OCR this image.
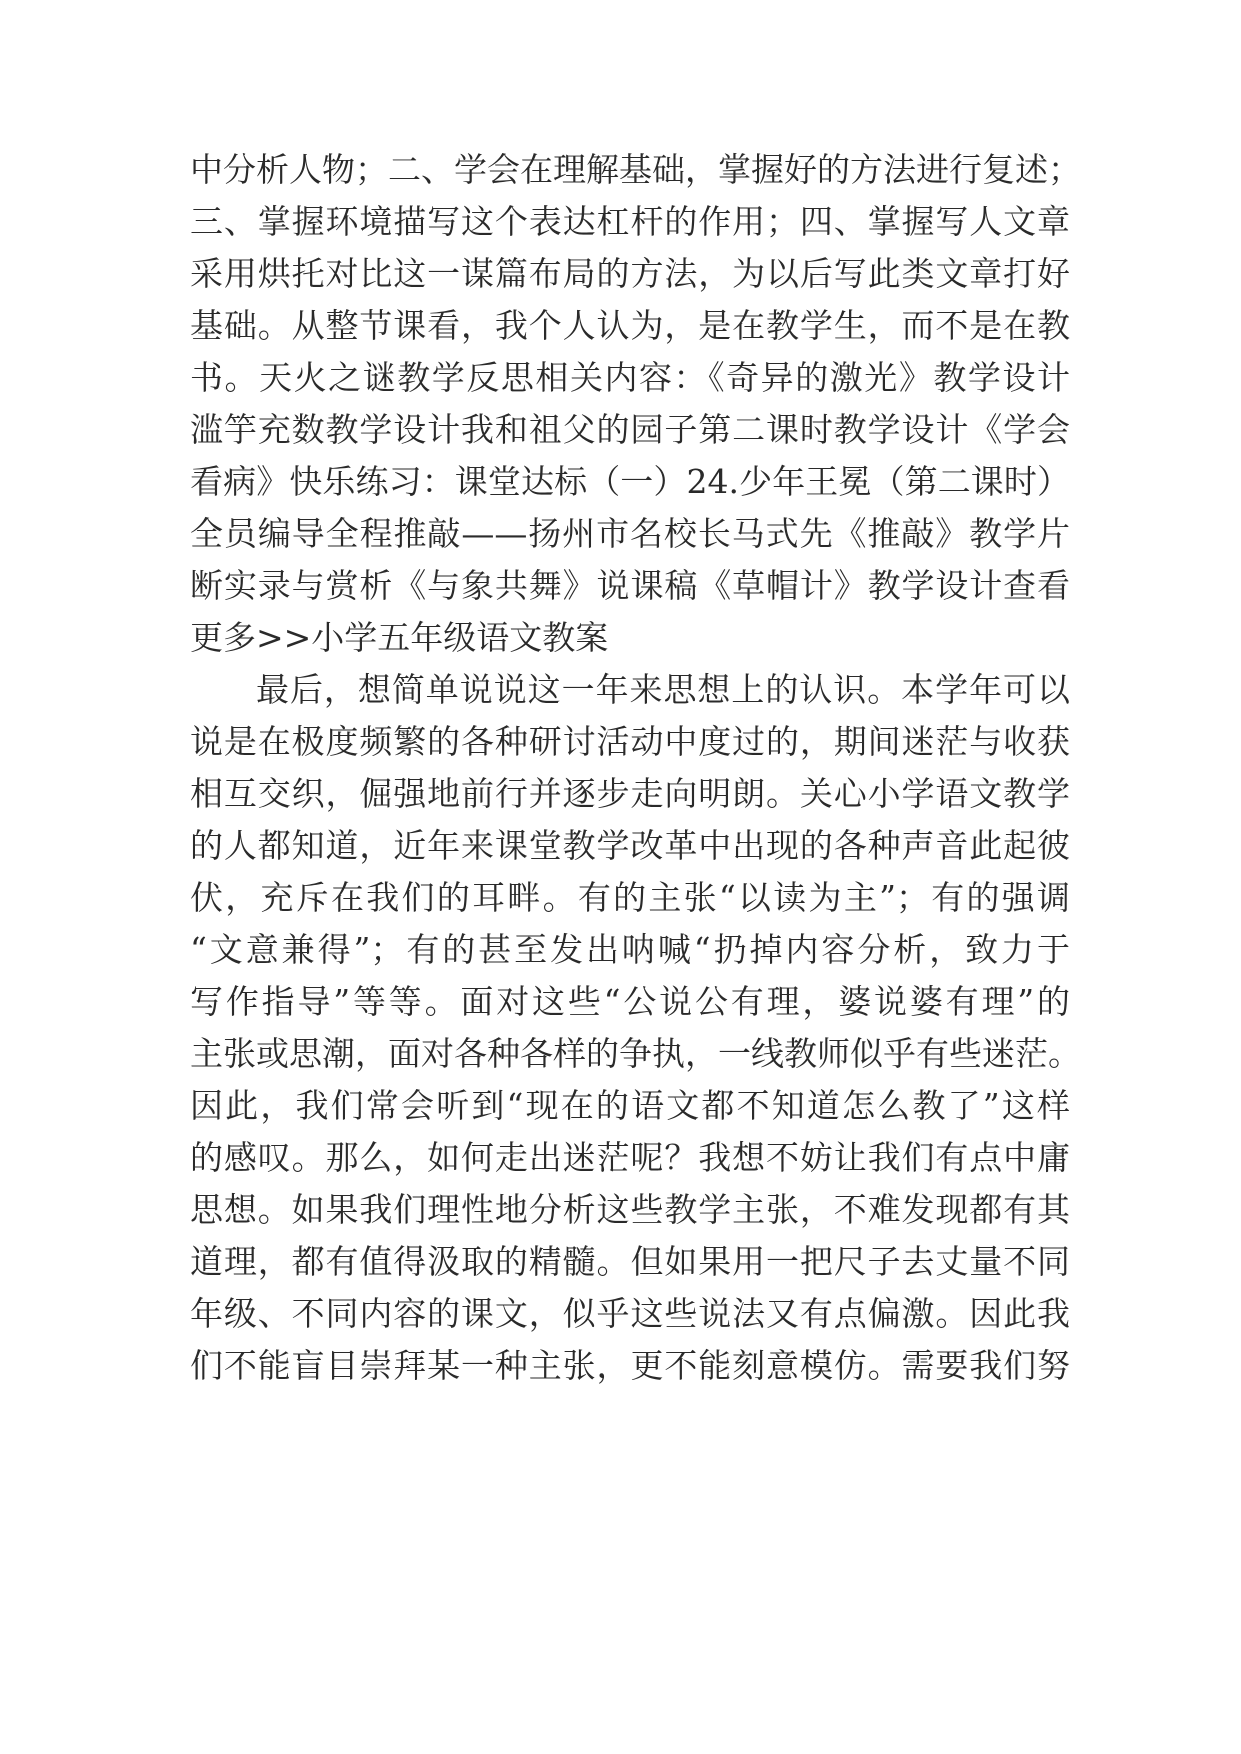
中分析人物；二、学会在理解基础，掌握好的方法进行复述；
三、掌握环境描写这个表达杠杆的作用；四、掌握写人文章
采用烘托对比这一谋篇布局的方法，为以后写此类文章打好
基础。从整节课看，我个人认为，是在教学生，而不是在教
书。天火之谜教学反思相关内容：《奇异的激光》教学设计
滥竽充数教学设计我和祖父的园子第二课时教学设计《学会
看病》快乐练习：课堂达标（一）24.少年王冕（第二课时）
全员编导全程推敲——扬州市名校长马式先《推敲》教学片
断实录与赏析《与象共舞》说课稿《草帽计》教学设计查看
更多>>小学五年级语文教案
最后，想简单说说这一年来思想上的认识。本学年可以
说是在极度频繁的各种研讨活动中度过的，期间迷茫与收获
相互交织，倔强地前行并逐步走向明朗。关心小学语文教学
的人都知道，近年来课堂教学改革中出现的各种声音此起彼
伏，充斥在我们的耳畔。有的主张“以读为主”；有的强调
“文意兼得”；有的甚至发出呐喊“扔掉内容分析，致力于
写作指导”等等。面对这些“公说公有理，婆说婆有理”的
主张或思潮，面对各种各样的争执，一线教师似乎有些迷茫。
因此，我们常会听到“现在的语文都不知道怎么教了”这样
的感叹。那么，如何走出迷茫呢？我想不妨让我们有点中庸
思想。如果我们理性地分析这些教学主张，不难发现都有其
道理，都有值得汲取的精髓。但如果用一把尺子去丈量不同
年级、不同内容的课文，似乎这些说法又有点偏激。因此我
们不能盲目崇拜某一种主张，更不能刻意模仿。需要我们努
